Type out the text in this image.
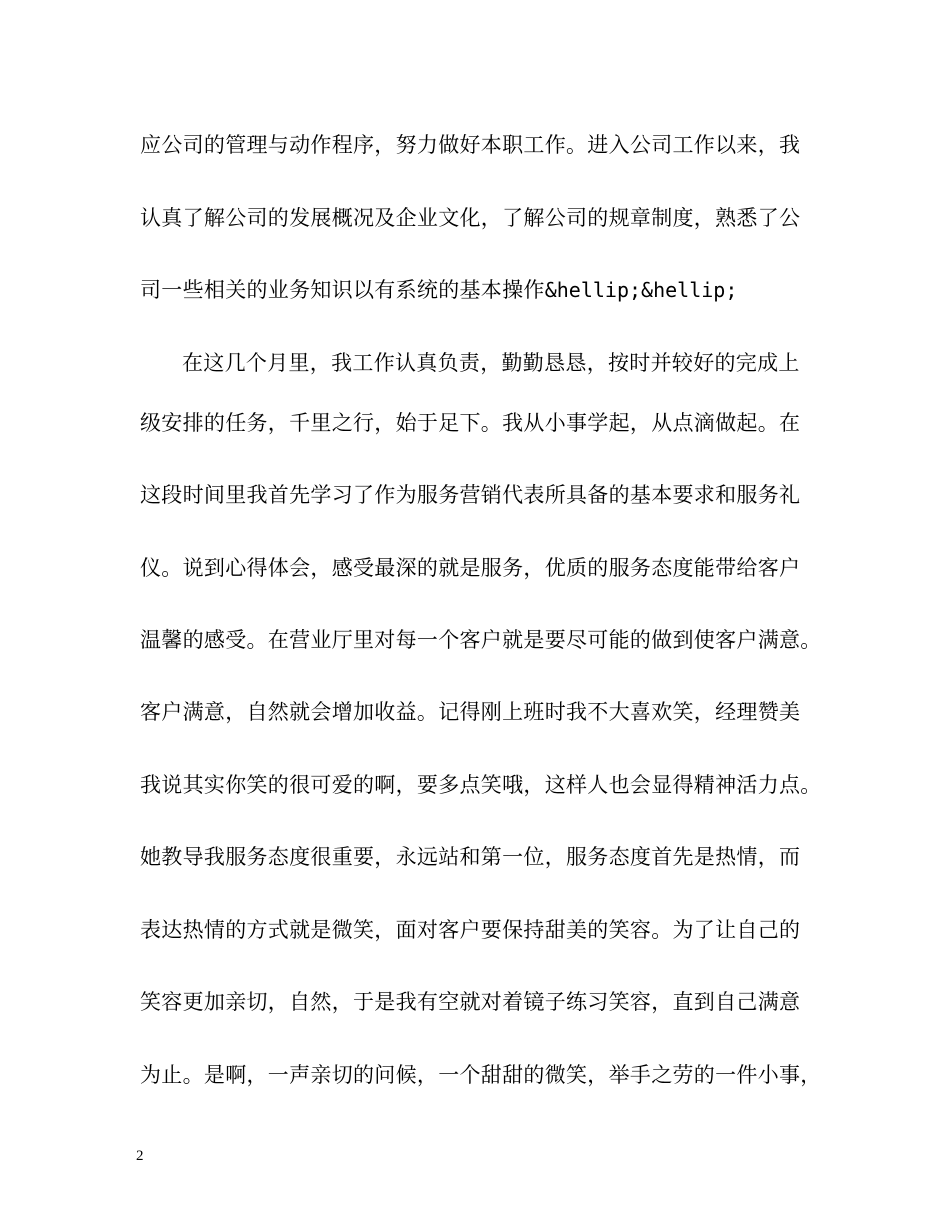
应公司的管理与动作程序，努力做好本职工作。进入公司工作以来，我
认真了解公司的发展概况及企业文化，了解公司的规章制度，熟悉了公
司一些相关的业务知识以有系统的基本操作&hellip;&hellip;
在这几个月里，我工作认真负责，勤勤恳恳，按时并较好的完成上
级安排的任务，千里之行，始于足下。我从小事学起，从点滴做起。在
这段时间里我首先学习了作为服务营销代表所具备的基本要求和服务礼
仪。说到心得体会，感受最深的就是服务，优质的服务态度能带给客户
温馨的感受。在营业厅里对每一个客户就是要尽可能的做到使客户满意。
客户满意，自然就会增加收益。记得刚上班时我不大喜欢笑，经理赞美
我说其实你笑的很可爱的啊，要多点笑哦，这样人也会显得精神活力点。
她教导我服务态度很重要，永远站和第一位，服务态度首先是热情，而
表达热情的方式就是微笑，面对客户要保持甜美的笑容。为了让自己的
笑容更加亲切，自然，于是我有空就对着镜子练习笑容，直到自己满意
为止。是啊，一声亲切的问候，一个甜甜的微笑，举手之劳的一件小事，
2
